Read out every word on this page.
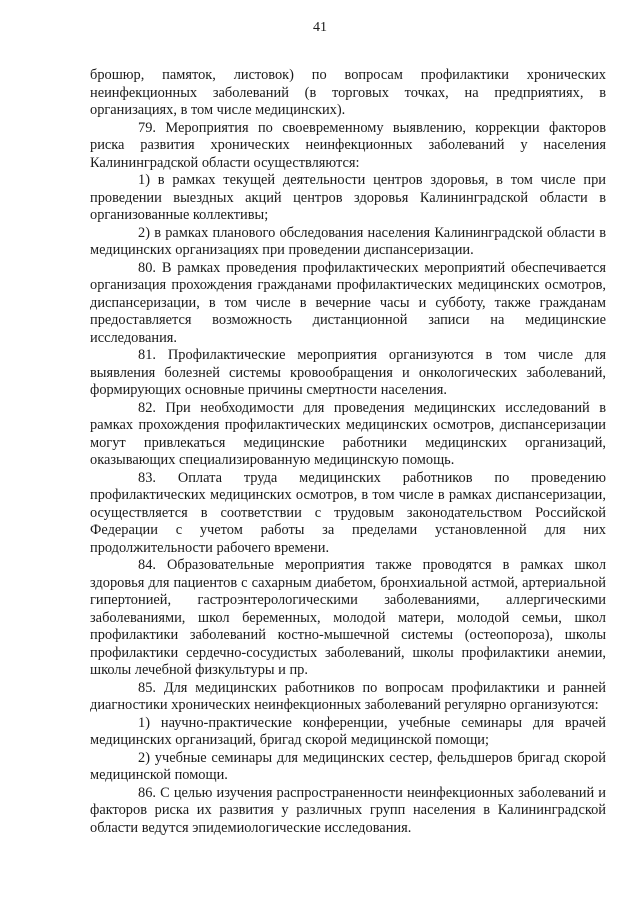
41

брошюр, памяток, листовок) по вопросам профилактики хронических неинфекционных заболеваний (в торговых точках, на предприятиях, в организациях, в том числе медицинских).

79. Мероприятия по своевременному выявлению, коррекции факторов риска развития хронических неинфекционных заболеваний у населения Калининградской области осуществляются:

1) в рамках текущей деятельности центров здоровья, в том числе при проведении выездных акций центров здоровья Калининградской области в организованные коллективы;

2) в рамках планового обследования населения Калининградской области в медицинских организациях при проведении диспансеризации.

80. В рамках проведения профилактических мероприятий обеспечивается организация прохождения гражданами профилактических медицинских осмотров, диспансеризации, в том числе в вечерние часы и субботу, также гражданам предоставляется возможность дистанционной записи на медицинские исследования.

81. Профилактические мероприятия организуются в том числе для выявления болезней системы кровообращения и онкологических заболеваний, формирующих основные причины смертности населения.

82. При необходимости для проведения медицинских исследований в рамках прохождения профилактических медицинских осмотров, диспансеризации могут привлекаться медицинские работники медицинских организаций, оказывающих специализированную медицинскую помощь.

83. Оплата труда медицинских работников по проведению профилактических медицинских осмотров, в том числе в рамках диспансеризации, осуществляется в соответствии с трудовым законодательством Российской Федерации с учетом работы за пределами установленной для них продолжительности рабочего времени.

84. Образовательные мероприятия также проводятся в рамках школ здоровья для пациентов с сахарным диабетом, бронхиальной астмой, артериальной гипертонией, гастроэнтерологическими заболеваниями, аллергическими заболеваниями, школ беременных, молодой матери, молодой семьи, школ профилактики заболеваний костно-мышечной системы (остеопороза), школы профилактики сердечно-сосудистых заболеваний, школы профилактики анемии, школы лечебной физкультуры и пр.

85. Для медицинских работников по вопросам профилактики и ранней диагностики хронических неинфекционных заболеваний регулярно организуются:

1) научно-практические конференции, учебные семинары для врачей медицинских организаций, бригад скорой медицинской помощи;

2) учебные семинары для медицинских сестер, фельдшеров бригад скорой медицинской помощи.

86. С целью изучения распространенности неинфекционных заболеваний и факторов риска их развития у различных групп населения в Калининградской области ведутся эпидемиологические исследования.
